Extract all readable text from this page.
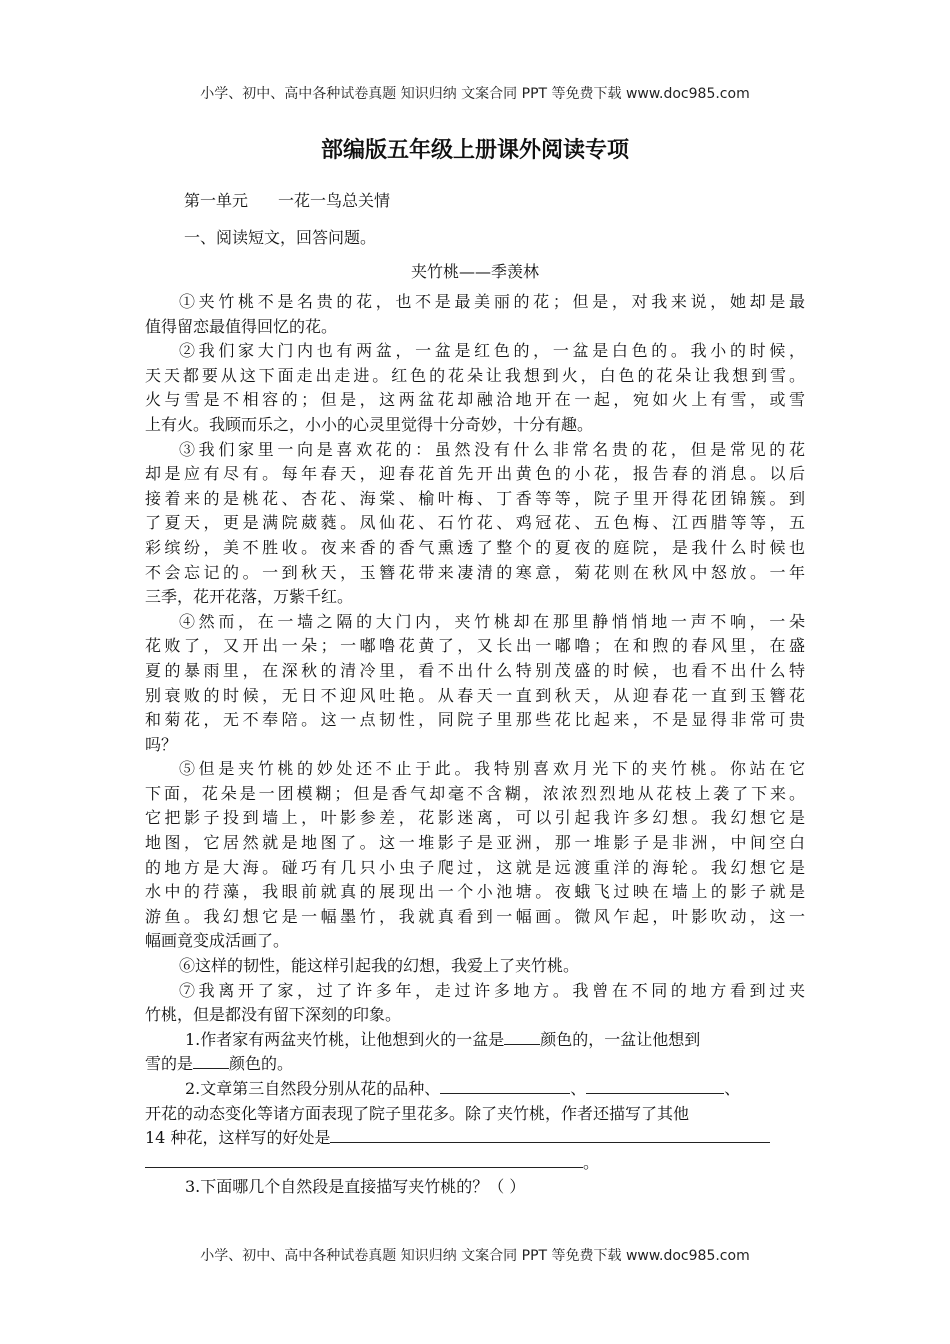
小学、初中、高中各种试卷真题 知识归纳 文案合同 PPT 等免费下载 www.doc985.com
部编版五年级上册课外阅读专项
第一单元 一花一鸟总关情
一、阅读短文，回答问题。
夹竹桃——季羡林
①夹竹桃不是名贵的花，也不是最美丽的花；但是，对我来说，她却是最
值得留恋最值得回忆的花。
②我们家大门内也有两盆，一盆是红色的，一盆是白色的。我小的时候，
天天都要从这下面走出走进。红色的花朵让我想到火，白色的花朵让我想到雪。
火与雪是不相容的；但是，这两盆花却融洽地开在一起，宛如火上有雪，或雪
上有火。我顾而乐之，小小的心灵里觉得十分奇妙，十分有趣。
③我们家里一向是喜欢花的：虽然没有什么非常名贵的花，但是常见的花
却是应有尽有。每年春天，迎春花首先开出黄色的小花，报告春的消息。以后
接着来的是桃花、杏花、海棠、榆叶梅、丁香等等，院子里开得花团锦簇。到
了夏天，更是满院葳蕤。凤仙花、石竹花、鸡冠花、五色梅、江西腊等等，五
彩缤纷，美不胜收。夜来香的香气熏透了整个的夏夜的庭院，是我什么时候也
不会忘记的。一到秋天，玉簪花带来凄清的寒意，菊花则在秋风中怒放。一年
三季，花开花落，万紫千红。
④然而，在一墙之隔的大门内，夹竹桃却在那里静悄悄地一声不响，一朵
花败了，又开出一朵；一嘟噜花黄了，又长出一嘟噜；在和煦的春风里，在盛
夏的暴雨里，在深秋的清冷里，看不出什么特别茂盛的时候，也看不出什么特
别衰败的时候，无日不迎风吐艳。从春天一直到秋天，从迎春花一直到玉簪花
和菊花，无不奉陪。这一点韧性，同院子里那些花比起来，不是显得非常可贵
吗？
⑤但是夹竹桃的妙处还不止于此。我特别喜欢月光下的夹竹桃。你站在它
下面，花朵是一团模糊；但是香气却毫不含糊，浓浓烈烈地从花枝上袭了下来。
它把影子投到墙上，叶影参差，花影迷离，可以引起我许多幻想。我幻想它是
地图，它居然就是地图了。这一堆影子是亚洲，那一堆影子是非洲，中间空白
的地方是大海。碰巧有几只小虫子爬过，这就是远渡重洋的海轮。我幻想它是
水中的荇藻，我眼前就真的展现出一个小池塘。夜蛾飞过映在墙上的影子就是
游鱼。我幻想它是一幅墨竹，我就真看到一幅画。微风乍起，叶影吹动，这一
幅画竟变成活画了。
⑥这样的韧性，能这样引起我的幻想，我爱上了夹竹桃。
⑦我离开了家，过了许多年，走过许多地方。我曾在不同的地方看到过夹
竹桃，但是都没有留下深刻的印象。
1.作者家有两盆夹竹桃，让他想到火的一盆是 颜色的，一盆让他想到
雪的是 颜色的。
2.文章第三自然段分别从花的品种、	、	、
开花的动态变化等诸方面表现了院子里花多。除了夹竹桃，作者还描写了其他
14 种花，这样写的好处是
。
3.下面哪几个自然段是直接描写夹竹桃的？（ ）
小学、初中、高中各种试卷真题 知识归纳 文案合同 PPT 等免费下载 www.doc985.com
